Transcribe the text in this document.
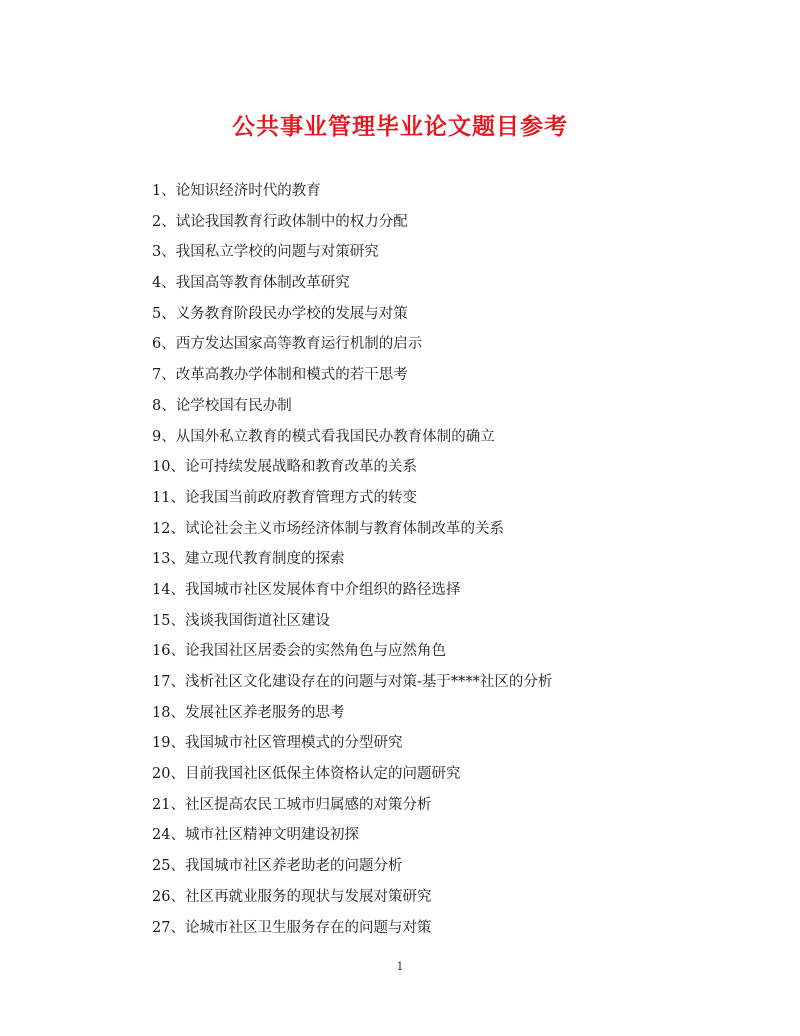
公共事业管理毕业论文题目参考
1、论知识经济时代的教育
2、试论我国教育行政体制中的权力分配
3、我国私立学校的问题与对策研究
4、我国高等教育体制改革研究
5、义务教育阶段民办学校的发展与对策
6、西方发达国家高等教育运行机制的启示
7、改革高教办学体制和模式的若干思考
8、论学校国有民办制
9、从国外私立教育的模式看我国民办教育体制的确立
10、论可持续发展战略和教育改革的关系
11、论我国当前政府教育管理方式的转变
12、试论社会主义市场经济体制与教育体制改革的关系
13、建立现代教育制度的探索
14、我国城市社区发展体育中介组织的路径选择
15、浅谈我国街道社区建设
16、论我国社区居委会的实然角色与应然角色
17、浅析社区文化建设存在的问题与对策-基于****社区的分析
18、发展社区养老服务的思考
19、我国城市社区管理模式的分型研究
20、目前我国社区低保主体资格认定的问题研究
21、社区提高农民工城市归属感的对策分析
24、城市社区精神文明建设初探
25、我国城市社区养老助老的问题分析
26、社区再就业服务的现状与发展对策研究
27、论城市社区卫生服务存在的问题与对策
1
